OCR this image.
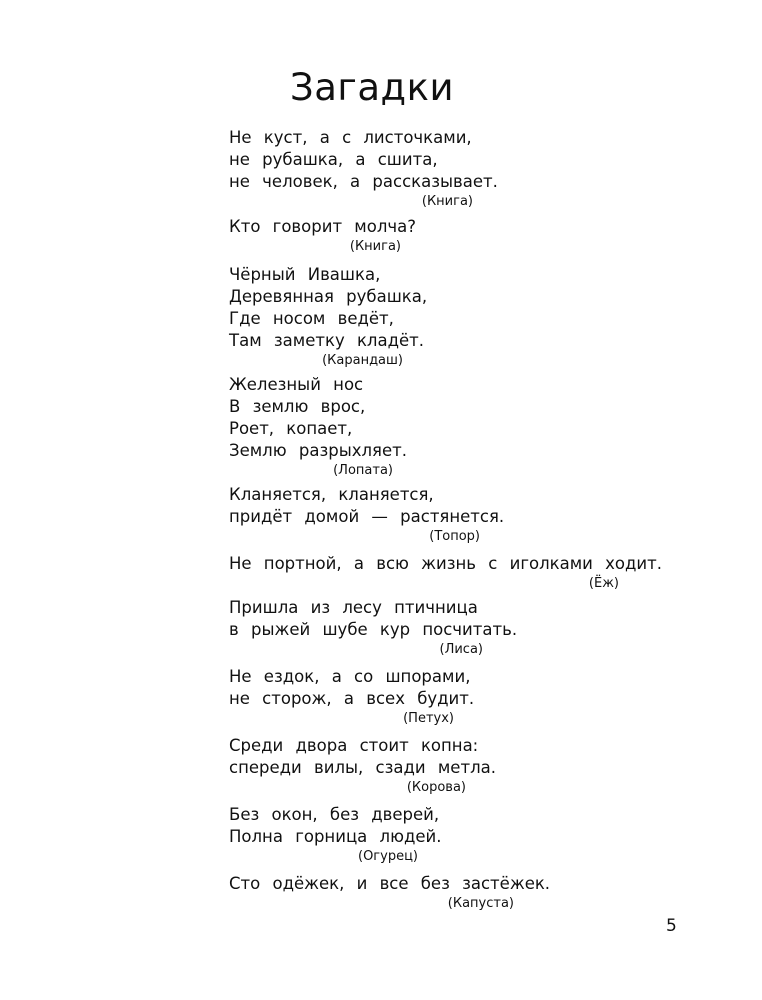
Загадки
Не куст, а с листочками,
не рубашка, а сшита,
не человек, а рассказывает.
(Книга)
Кто говорит молча?
(Книга)
Чёрный Ивашка,
Деревянная рубашка,
Где носом ведёт,
Там заметку кладёт.
(Карандаш)
Железный нос
В землю врос,
Роет, копает,
Землю разрыхляет.
(Лопата)
Кланяется, кланяется,
придёт домой — растянется.
(Топор)
Не портной, а всю жизнь с иголками ходит.
(Ёж)
Пришла из лесу птичница
в рыжей шубе кур посчитать.
(Лиса)
Не ездок, а со шпорами,
не сторож, а всех будит.
(Петух)
Среди двора стоит копна:
спереди вилы, сзади метла.
(Корова)
Без окон, без дверей,
Полна горница людей.
(Огурец)
Сто одёжек, и все без застёжек.
(Капуста)
5
